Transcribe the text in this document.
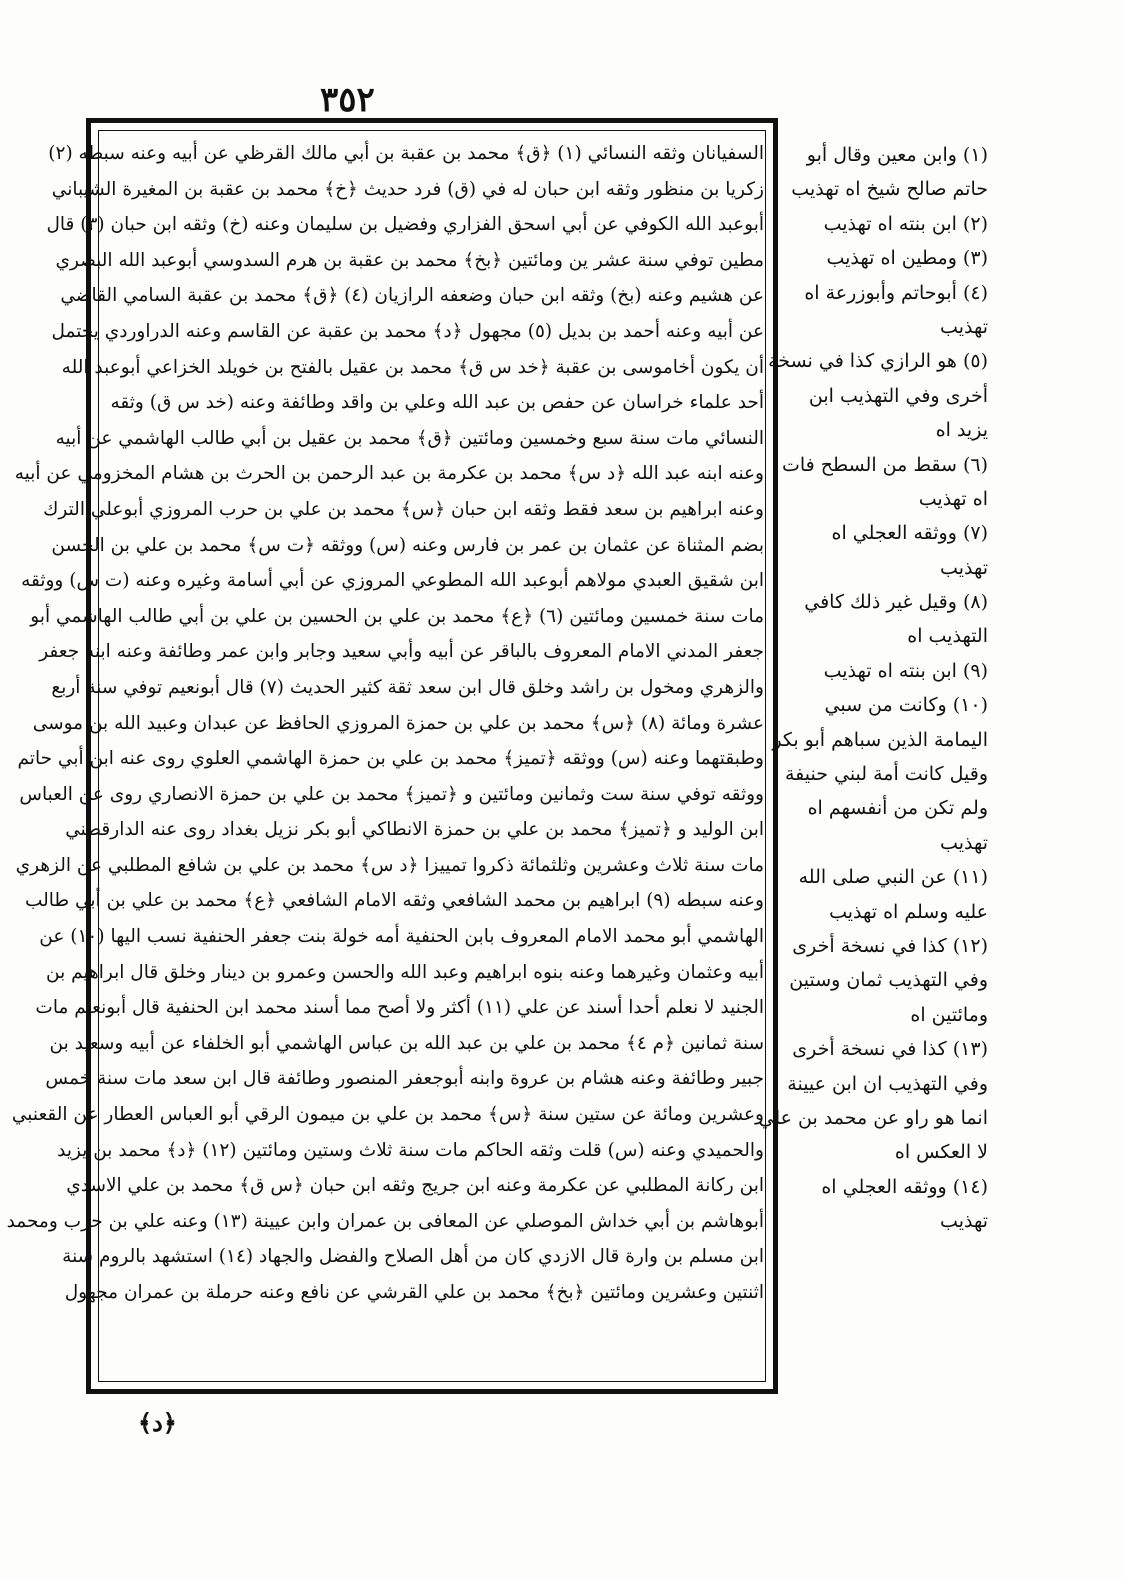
٣٥٢
السفيانان وثقه النسائي (١) ﴿ق﴾ محمد بن عقبة بن أبي مالك القرظي عن أبيه وعنه سبطه (٢)
زكريا بن منظور وثقه ابن حبان له في (ق) فرد حديث ﴿خ﴾ محمد بن عقبة بن المغيرة الشيباني
أبوعبد الله الكوفي عن أبي اسحق الفزاري وفضيل بن سليمان وعنه (خ) وثقه ابن حبان (٣) قال
مطين توفي سنة عشر ين ومائتين ﴿بخ﴾ محمد بن عقبة بن هرم السدوسي أبوعبد الله البصري
عن هشيم وعنه (بخ) وثقه ابن حبان وضعفه الرازيان (٤) ﴿ق﴾ محمد بن عقبة السامي القاضي
عن أبيه وعنه أحمد بن بديل (٥) مجهول ﴿د﴾ محمد بن عقبة عن القاسم وعنه الدراوردي يحتمل
أن يكون أخاموسى بن عقبة ﴿خد س ق﴾ محمد بن عقيل بالفتح بن خويلد الخزاعي أبوعبد الله
أحد علماء خراسان عن حفص بن عبد الله وعلي بن واقد وطائفة وعنه (خد س ق) وثقه
النسائي مات سنة سبع وخمسين ومائتين ﴿ق﴾ محمد بن عقيل بن أبي طالب الهاشمي عن أبيه
وعنه ابنه عبد الله ﴿د س﴾ محمد بن عكرمة بن عبد الرحمن بن الحرث بن هشام المخزومي عن أبيه
وعنه ابراهيم بن سعد فقط وثقه ابن حبان ﴿س﴾ محمد بن علي بن حرب المروزي أبوعلي الترك
بضم المثناة عن عثمان بن عمر بن فارس وعنه (س) ووثقه ﴿ت س﴾ محمد بن علي بن الحسن
ابن شقيق العبدي مولاهم أبوعبد الله المطوعي المروزي عن أبي أسامة وغيره وعنه (ت س) ووثقه
مات سنة خمسين ومائتين (٦) ﴿ع﴾ محمد بن علي بن الحسين بن علي بن أبي طالب الهاشمي أبو
جعفر المدني الامام المعروف بالباقر عن أبيه وأبي سعيد وجابر وابن عمر وطائفة وعنه ابنه جعفر
والزهري ومخول بن راشد وخلق قال ابن سعد ثقة كثير الحديث (٧) قال أبونعيم توفي سنة أربع
عشرة ومائة (٨) ﴿س﴾ محمد بن علي بن حمزة المروزي الحافظ عن عبدان وعبيد الله بن موسى
وطبقتهما وعنه (س) ووثقه ﴿تميز﴾ محمد بن علي بن حمزة الهاشمي العلوي روى عنه ابن أبي حاتم
ووثقه توفي سنة ست وثمانين ومائتين و ﴿تميز﴾ محمد بن علي بن حمزة الانصاري روى عن العباس
ابن الوليد و ﴿تميز﴾ محمد بن علي بن حمزة الانطاكي أبو بكر نزيل بغداد روى عنه الدارقطني
مات سنة ثلاث وعشرين وثلثمائة ذكروا تمييزا ﴿د س﴾ محمد بن علي بن شافع المطلبي عن الزهري
وعنه سبطه (٩) ابراهيم بن محمد الشافعي وثقه الامام الشافعي ﴿ع﴾ محمد بن علي بن أبي طالب
الهاشمي أبو محمد الامام المعروف بابن الحنفية أمه خولة بنت جعفر الحنفية نسب اليها (١٠) عن
أبيه وعثمان وغيرهما وعنه بنوه ابراهيم وعبد الله والحسن وعمرو بن دينار وخلق قال ابراهيم بن
الجنيد لا نعلم أحدا أسند عن علي (١١) أكثر ولا أصح مما أسند محمد ابن الحنفية قال أبونعيم مات
سنة ثمانين ﴿م ٤﴾ محمد بن علي بن عبد الله بن عباس الهاشمي أبو الخلفاء عن أبيه وسعيد بن
جبير وطائفة وعنه هشام بن عروة وابنه أبوجعفر المنصور وطائفة قال ابن سعد مات سنة خمس
وعشرين ومائة عن ستين سنة ﴿س﴾ محمد بن علي بن ميمون الرقي أبو العباس العطار عن القعنبي
والحميدي وعنه (س) قلت وثقه الحاكم مات سنة ثلاث وستين ومائتين (١٢) ﴿د﴾ محمد بن يزيد
ابن ركانة المطلبي عن عكرمة وعنه ابن جريج وثقه ابن حبان ﴿س ق﴾ محمد بن علي الاسدي
أبوهاشم بن أبي خداش الموصلي عن المعافى بن عمران وابن عيينة (١٣) وعنه علي بن حرب ومحمد
ابن مسلم بن وارة قال الازدي كان من أهل الصلاح والفضل والجهاد (١٤) استشهد بالروم سنة
اثنتين وعشرين ومائتين ﴿بخ﴾ محمد بن علي القرشي عن نافع وعنه حرملة بن عمران مجهول
(١) وابن معين وقال أبو
حاتم صالح شيخ اه تهذيب
(٢) ابن بنته اه تهذيب
(٣) ومطين اه تهذيب
(٤) أبوحاتم وأبوزرعة اه
تهذيب
(٥) هو الرازي كذا في نسخة
أخرى وفي التهذيب ابن
يزيد اه
(٦) سقط من السطح فات
اه تهذيب
(٧) ووثقه العجلي اه
تهذيب
(٨) وقيل غير ذلك كافي
التهذيب اه
(٩) ابن بنته اه تهذيب
(١٠) وكانت من سبي
اليمامة الذين سباهم أبو بكر
وقيل كانت أمة لبني حنيفة
ولم تكن من أنفسهم اه
تهذيب
(١١) عن النبي صلى الله
عليه وسلم اه تهذيب
(١٢) كذا في نسخة أخرى
وفي التهذيب ثمان وستين
ومائتين اه
(١٣) كذا في نسخة أخرى
وفي التهذيب ان ابن عيينة
انما هو راو عن محمد بن علي
لا العكس اه
(١٤) ووثقه العجلي اه
تهذيب
﴿د﴾
